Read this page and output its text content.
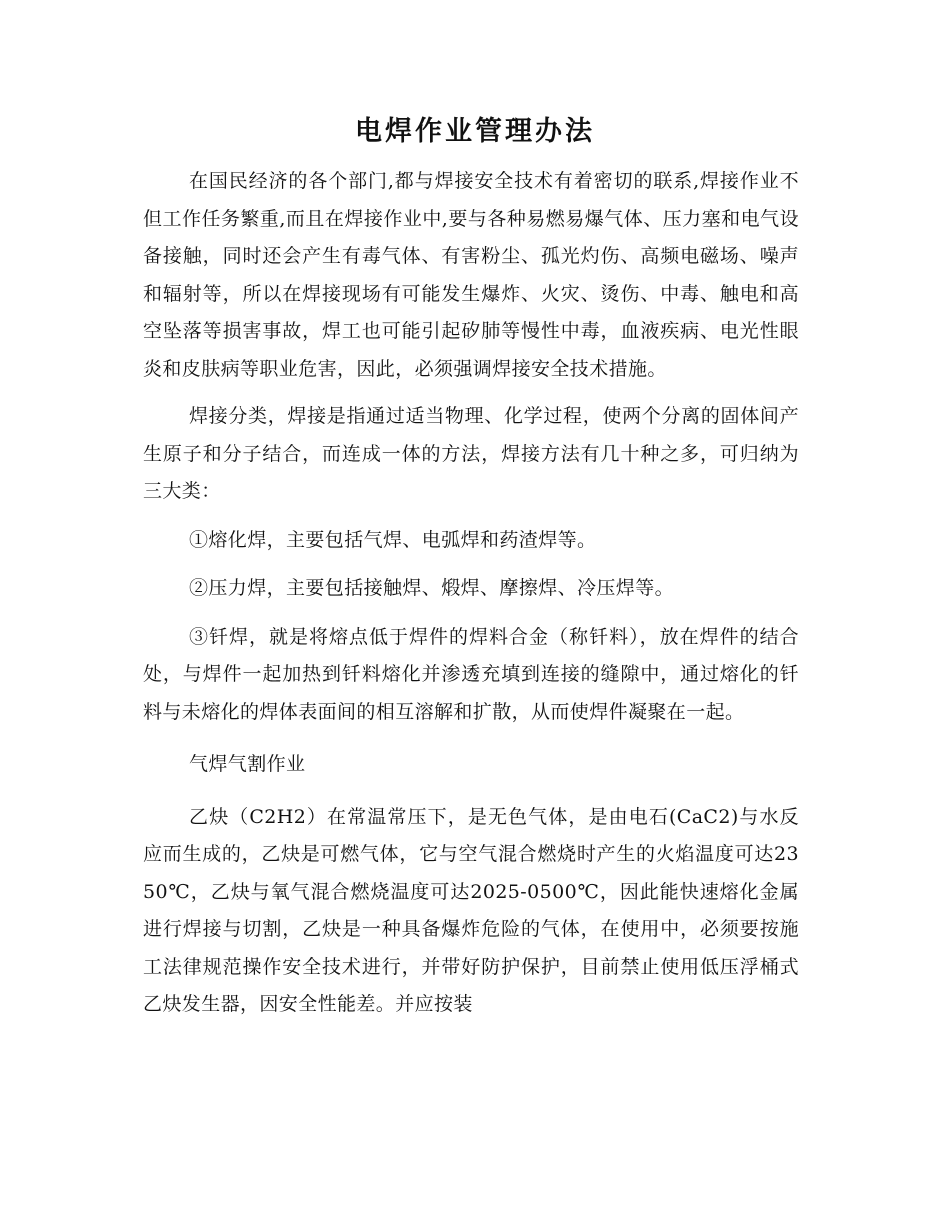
电焊作业管理办法

在国民经济的各个部门,都与焊接安全技术有着密切的联系,焊接作业不但工作任务繁重,而且在焊接作业中,要与各种易燃易爆气体、压力塞和电气设备接触，同时还会产生有毒气体、有害粉尘、孤光灼伤、高频电磁场、噪声和辐射等，所以在焊接现场有可能发生爆炸、火灾、烫伤、中毒、触电和高空坠落等损害事故，焊工也可能引起矽肺等慢性中毒，血液疾病、电光性眼炎和皮肤病等职业危害，因此，必须强调焊接安全技术措施。

焊接分类，焊接是指通过适当物理、化学过程，使两个分离的固体间产生原子和分子结合，而连成一体的方法，焊接方法有几十种之多，可归纳为三大类：

①熔化焊，主要包括气焊、电弧焊和药渣焊等。

②压力焊，主要包括接触焊、煅焊、摩擦焊、冷压焊等。

③钎焊，就是将熔点低于焊件的焊料合金（称钎料），放在焊件的结合处，与焊件一起加热到钎料熔化并渗透充填到连接的缝隙中，通过熔化的钎料与未熔化的焊体表面间的相互溶解和扩散，从而使焊件凝聚在一起。

气焊气割作业

乙炔（C2H2）在常温常压下，是无色气体，是由电石(CaC2)与水反应而生成的，乙炔是可燃气体，它与空气混合燃烧时产生的火焰温度可达2350℃，乙炔与氧气混合燃烧温度可达2025-0500℃，因此能快速熔化金属进行焊接与切割，乙炔是一种具备爆炸危险的气体，在使用中，必须要按施工法律规范操作安全技术进行，并带好防护保护，目前禁止使用低压浮桶式乙炔发生器，因安全性能差。并应按装
